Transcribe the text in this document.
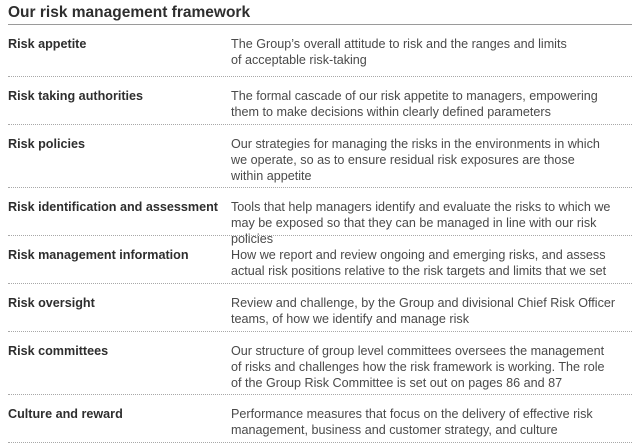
Our risk management framework
Risk appetite	The Group’s overall attitude to risk and the ranges and limits
of acceptable risk-taking
Risk taking authorities	The formal cascade of our risk appetite to managers, empowering
them to make decisions within clearly defined parameters
Risk policies	Our strategies for managing the risks in the environments in which
we operate, so as to ensure residual risk exposures are those
within appetite
Risk identification and assessment	Tools that help managers identify and evaluate the risks to which we
may be exposed so that they can be managed in line with our risk policies
Risk management information	How we report and review ongoing and emerging risks, and assess
actual risk positions relative to the risk targets and limits that we set
Risk oversight	Review and challenge, by the Group and divisional Chief Risk Officer
teams, of how we identify and manage risk
Risk committees	Our structure of group level committees oversees the management
of risks and challenges how the risk framework is working. The role
of the Group Risk Committee is set out on pages 86 and 87
Culture and reward	Performance measures that focus on the delivery of effective risk
management, business and customer strategy, and culture
